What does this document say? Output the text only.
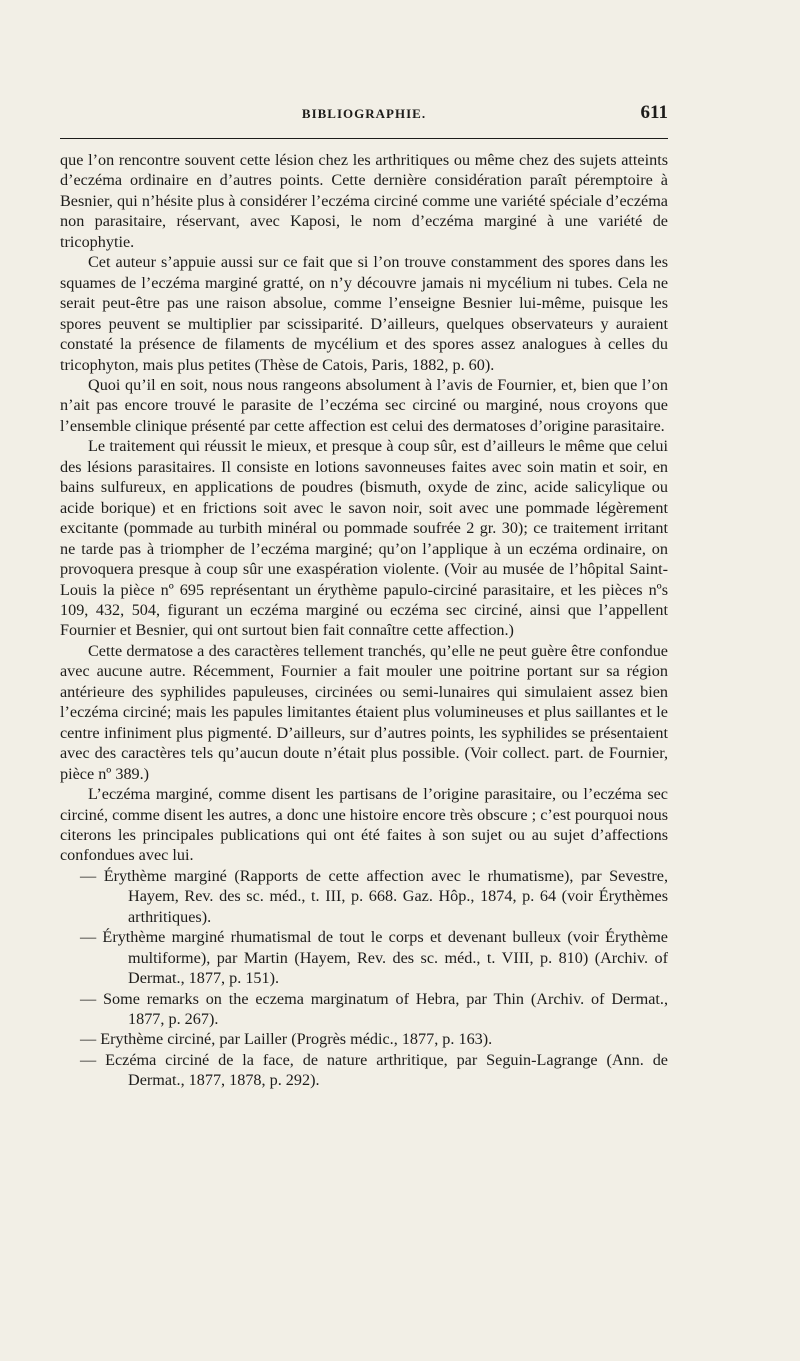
BIBLIOGRAPHIE.	611

que l’on rencontre souvent cette lésion chez les arthritiques ou même chez des sujets atteints d’eczéma ordinaire en d’autres points. Cette dernière considération paraît péremptoire à Besnier, qui n’hésite plus à considérer l’eczéma circiné comme une variété spéciale d’eczéma non parasitaire, réservant, avec Kaposi, le nom d’eczéma marginé à une variété de tricophytie.

Cet auteur s’appuie aussi sur ce fait que si l’on trouve constamment des spores dans les squames de l’eczéma marginé gratté, on n’y découvre jamais ni mycélium ni tubes. Cela ne serait peut-être pas une raison absolue, comme l’enseigne Besnier lui-même, puisque les spores peuvent se multiplier par scissiparité. D’ailleurs, quelques observateurs y auraient constaté la présence de filaments de mycélium et des spores assez analogues à celles du tricophyton, mais plus petites (Thèse de Catois, Paris, 1882, p. 60).

Quoi qu’il en soit, nous nous rangeons absolument à l’avis de Fournier, et, bien que l’on n’ait pas encore trouvé le parasite de l’eczéma sec circiné ou marginé, nous croyons que l’ensemble clinique présenté par cette affection est celui des dermatoses d’origine parasitaire.

Le traitement qui réussit le mieux, et presque à coup sûr, est d’ailleurs le même que celui des lésions parasitaires. Il consiste en lotions savonneuses faites avec soin matin et soir, en bains sulfureux, en applications de poudres (bismuth, oxyde de zinc, acide salicylique ou acide borique) et en frictions soit avec le savon noir, soit avec une pommade légèrement excitante (pommade au turbith minéral ou pommade soufrée 2 gr. 30); ce traitement irritant ne tarde pas à triompher de l’eczéma marginé; qu’on l’applique à un eczéma ordinaire, on provoquera presque à coup sûr une exaspération violente. (Voir au musée de l’hôpital Saint-Louis la pièce nº 695 représentant un érythème papulo-circiné parasitaire, et les pièces nºs 109, 432, 504, figurant un eczéma marginé ou eczéma sec circiné, ainsi que l’appellent Fournier et Besnier, qui ont surtout bien fait connaître cette affection.)

Cette dermatose a des caractères tellement tranchés, qu’elle ne peut guère être confondue avec aucune autre. Récemment, Fournier a fait mouler une poitrine portant sur sa région antérieure des syphilides papuleuses, circinées ou semi-lunaires qui simulaient assez bien l’eczéma circiné; mais les papules limitantes étaient plus volumineuses et plus saillantes et le centre infiniment plus pigmenté. D’ailleurs, sur d’autres points, les syphilides se présentaient avec des caractères tels qu’aucun doute n’était plus possible. (Voir collect. part. de Fournier, pièce nº 389.)

L’eczéma marginé, comme disent les partisans de l’origine parasitaire, ou l’eczéma sec circiné, comme disent les autres, a donc une histoire encore très obscure ; c’est pourquoi nous citerons les principales publications qui ont été faites à son sujet ou au sujet d’affections confondues avec lui.

— Érythème marginé (Rapports de cette affection avec le rhumatisme), par Sevestre, Hayem, Rev. des sc. méd., t. III, p. 668. Gaz. Hôp., 1874, p. 64 (voir Érythèmes arthritiques).

— Érythème marginé rhumatismal de tout le corps et devenant bulleux (voir Érythème multiforme), par Martin (Hayem, Rev. des sc. méd., t. VIII, p. 810) (Archiv. of Dermat., 1877, p. 151).

— Some remarks on the eczema marginatum of Hebra, par Thin (Archiv. of Dermat., 1877, p. 267).

— Erythème circiné, par Lailler (Progrès médic., 1877, p. 163).

— Eczéma circiné de la face, de nature arthritique, par Seguin-Lagrange (Ann. de Dermat., 1877, 1878, p. 292).
